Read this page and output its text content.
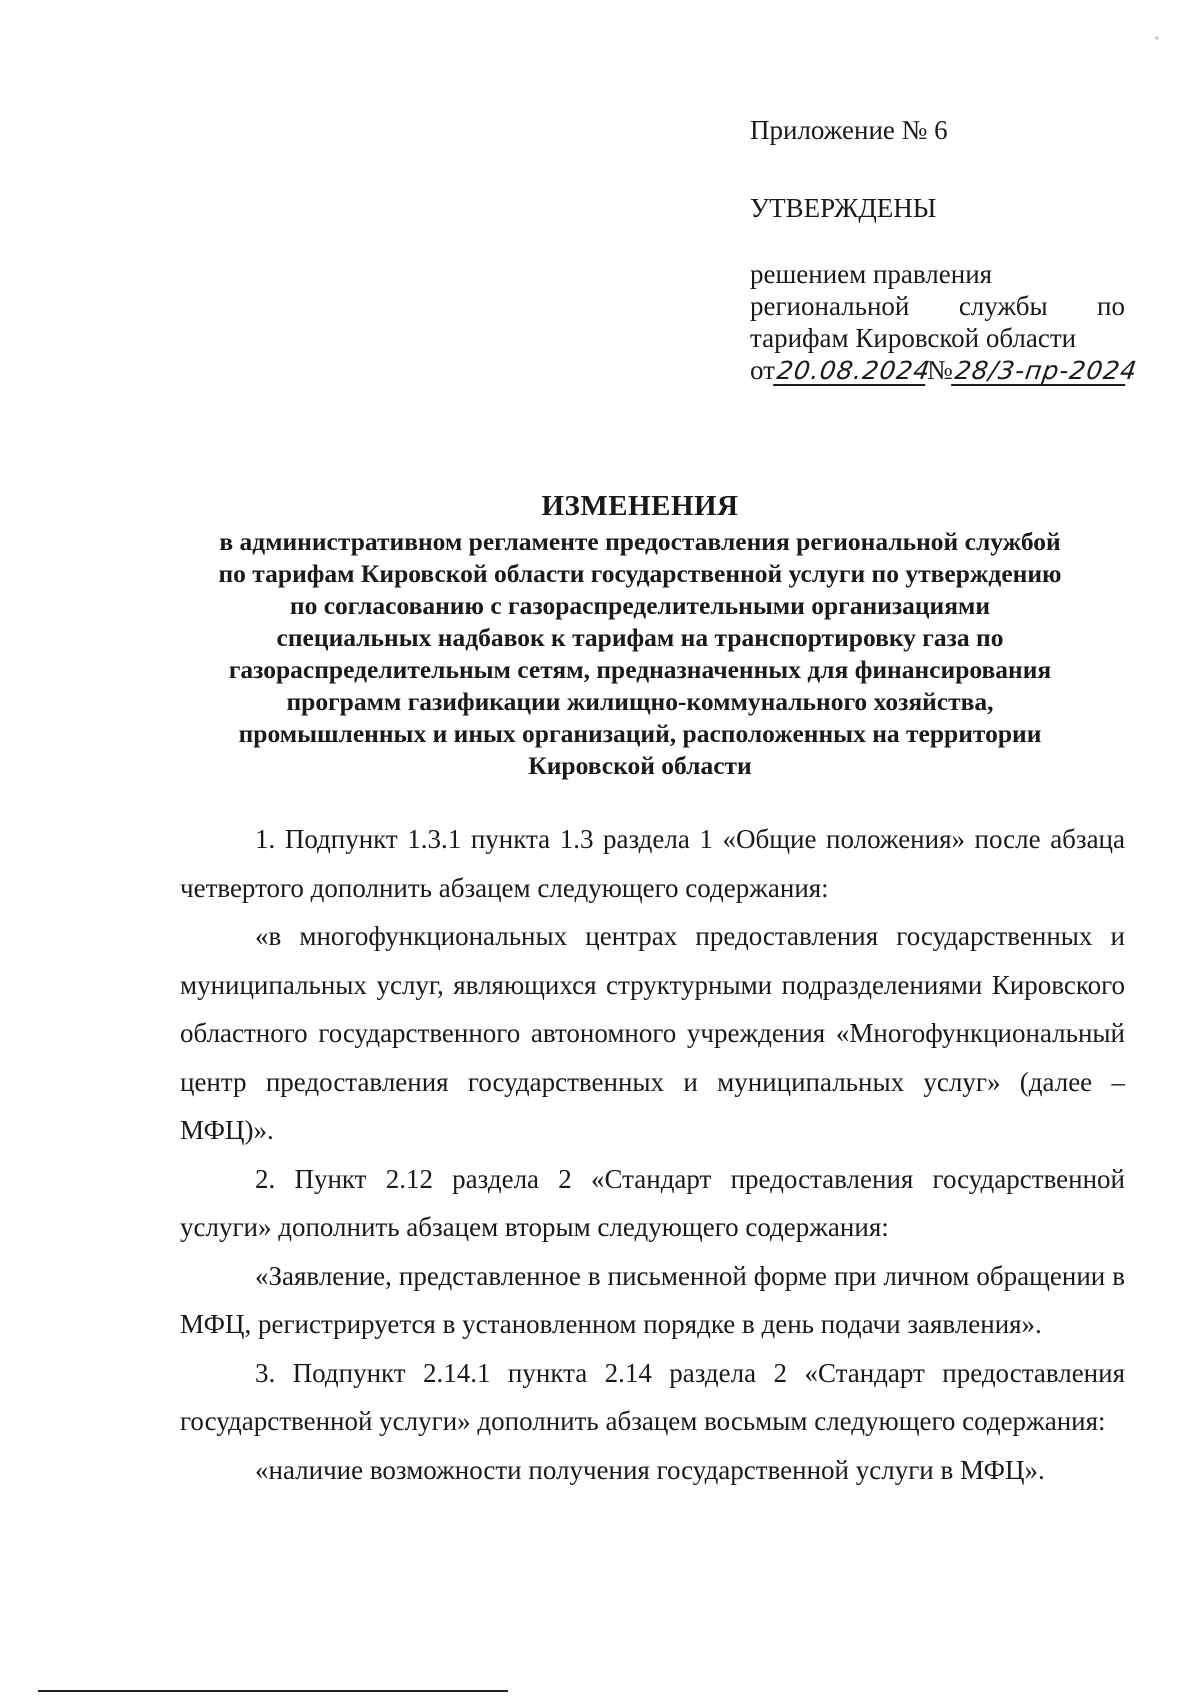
Приложение № 6
УТВЕРЖДЕНЫ
решением правления
региональной службы по
тарифам Кировской области
от 20.08.2024
№ 28/3-пр-2024
ИЗМЕНЕНИЯ
в административном регламенте предоставления региональной службой
по тарифам Кировской области государственной услуги по утверждению
по согласованию с газораспределительными организациями
специальных надбавок к тарифам на транспортировку газа по
газораспределительным сетям, предназначенных для финансирования
программ газификации жилищно-коммунального хозяйства,
промышленных и иных организаций, расположенных на территории
Кировской области

1. Подпункт 1.3.1 пункта 1.3 раздела 1 «Общие положения» после абзаца четвертого дополнить абзацем следующего содержания:

«в многофункциональных центрах предоставления государственных и муниципальных услуг, являющихся структурными подразделениями Кировского областного государственного автономного учреждения «Многофункциональный центр предоставления государственных и муниципальных услуг» (далее – МФЦ)».

2. Пункт 2.12 раздела 2 «Стандарт предоставления государственной услуги» дополнить абзацем вторым следующего содержания:

«Заявление, представленное в письменной форме при личном обращении в МФЦ, регистрируется в установленном порядке в день подачи заявления».

3. Подпункт 2.14.1 пункта 2.14 раздела 2 «Стандарт предоставления государственной услуги» дополнить абзацем восьмым следующего содержания:

«наличие возможности получения государственной услуги в МФЦ».
